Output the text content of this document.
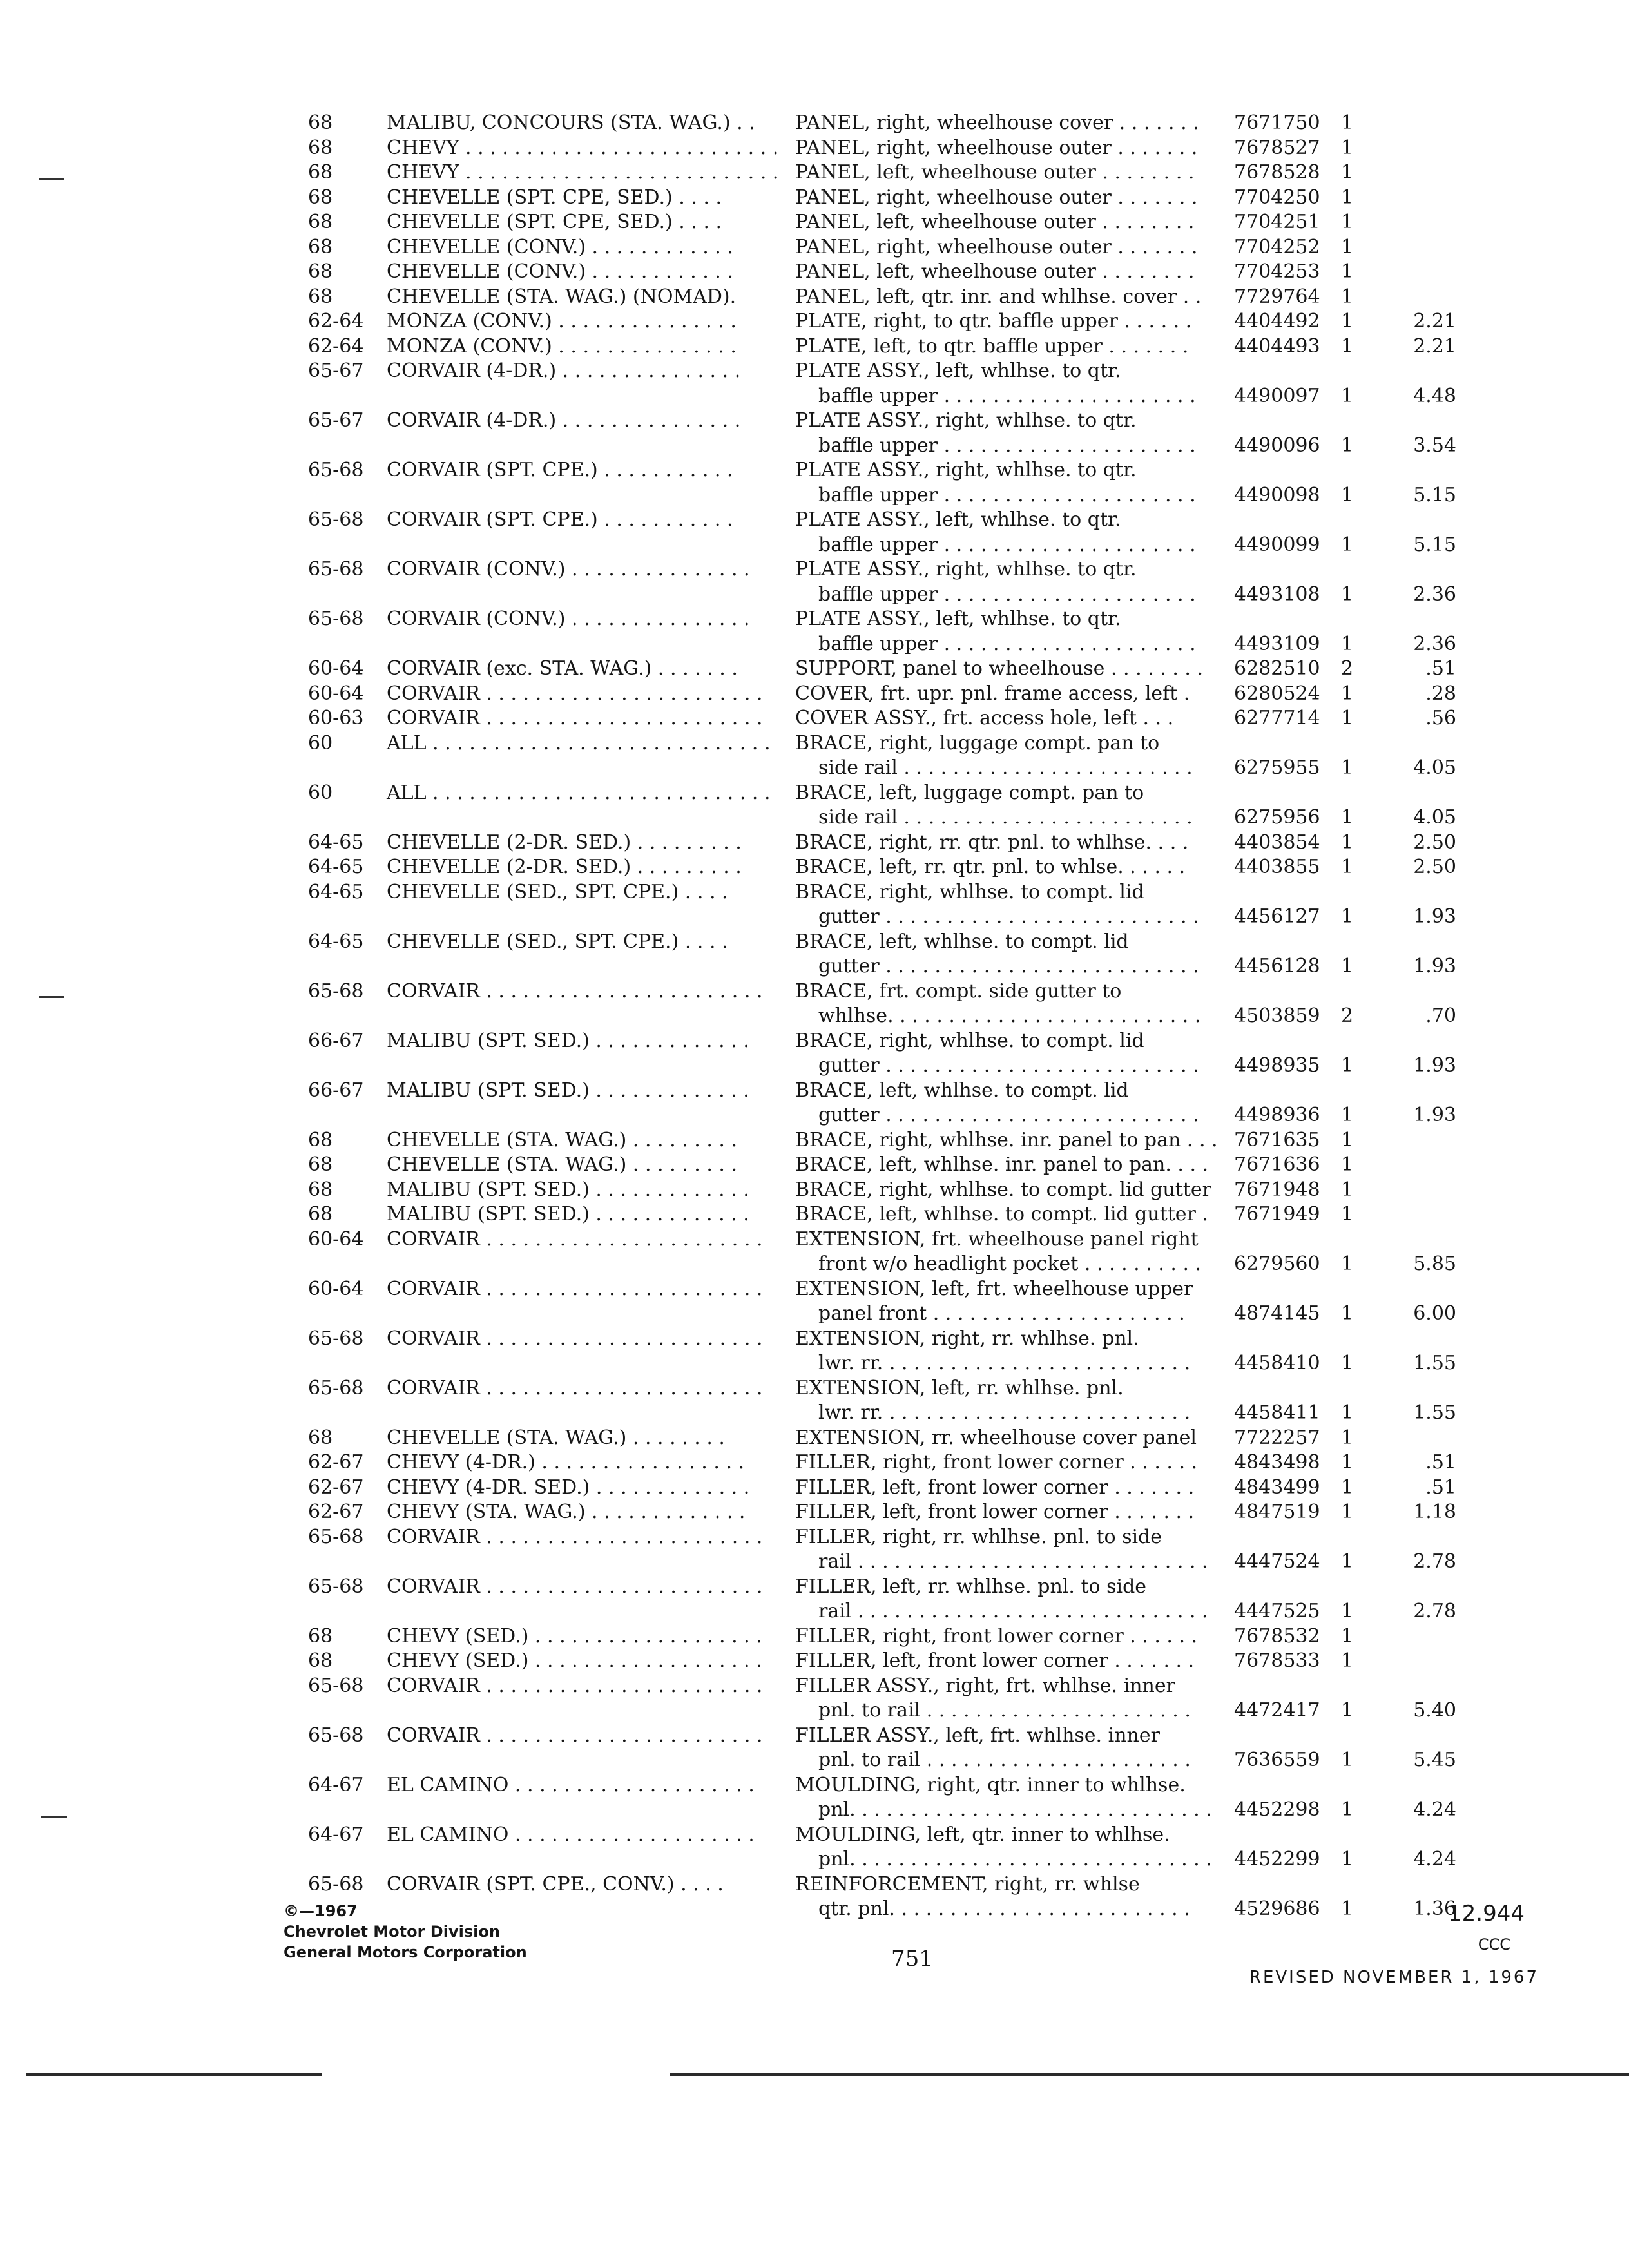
68	MALIBU, CONCOURS (STA. WAG.) . . PANEL, right, wheelhouse cover . . . . . . . 7671750 1
68	CHEVY . . . . . . . . . . . . . . . . . . . . . . . . . . PANEL, right, wheelhouse outer . . . . . . . 7678527 1
68	CHEVY . . . . . . . . . . . . . . . . . . . . . . . . . . PANEL, left, wheelhouse outer . . . . . . . . 7678528 1
68	CHEVELLE (SPT. CPE, SED.) . . . .	PANEL, right, wheelhouse outer . . . . . . . 7704250 1
68	CHEVELLE (SPT. CPE, SED.) . . . .	PANEL, left, wheelhouse outer . . . . . . . . 7704251 1
68	CHEVELLE (CONV.) . . . . . . . . . . . .	PANEL, right, wheelhouse outer . . . . . . . 7704252 1
68	CHEVELLE (CONV.) . . . . . . . . . . . .	PANEL, left, wheelhouse outer . . . . . . . . 7704253 1
68	CHEVELLE (STA. WAG.) (NOMAD).	PANEL, left, qtr. inr. and whlhse. cover . . 7729764 1
62-64 MONZA (CONV.) . . . . . . . . . . . . . . .	PLATE, right, to qtr. baffle upper . . . . . . 4404492 1	2.21
62-64 MONZA (CONV.) . . . . . . . . . . . . . . .	PLATE, left, to qtr. baffle upper . . . . . . . 4404493 1	2.21
65-67 CORVAIR (4-DR.) . . . . . . . . . . . . . . .	PLATE ASSY., left, whlhse. to qtr.
baffle upper . . . . . . . . . . . . . . . . . . . . . 4490097 1	4.48
65-67 CORVAIR (4-DR.) . . . . . . . . . . . . . . .	PLATE ASSY., right, whlhse. to qtr.
baffle upper . . . . . . . . . . . . . . . . . . . . . 4490096 1	3.54
65-68 CORVAIR (SPT. CPE.) . . . . . . . . . . .	PLATE ASSY., right, whlhse. to qtr.
baffle upper . . . . . . . . . . . . . . . . . . . . . 4490098 1	5.15
65-68 CORVAIR (SPT. CPE.) . . . . . . . . . . .	PLATE ASSY., left, whlhse. to qtr.
baffle upper . . . . . . . . . . . . . . . . . . . . . 4490099 1	5.15
65-68 CORVAIR (CONV.) . . . . . . . . . . . . . . . PLATE ASSY., right, whlhse. to qtr.
baffle upper . . . . . . . . . . . . . . . . . . . . . 4493108 1	2.36
65-68 CORVAIR (CONV.) . . . . . . . . . . . . . . . PLATE ASSY., left, whlhse. to qtr.
baffle upper . . . . . . . . . . . . . . . . . . . . . 4493109 1	2.36
60-64 CORVAIR (exc. STA. WAG.) . . . . . . .	SUPPORT, panel to wheelhouse . . . . . . . . 6282510 2	.51
60-64 CORVAIR . . . . . . . . . . . . . . . . . . . . . . . COVER, frt. upr. pnl. frame access, left . 6280524 1	.28
60-63 CORVAIR . . . . . . . . . . . . . . . . . . . . . . . COVER ASSY., frt. access hole, left . . .	6277714 1	.56
60	ALL . . . . . . . . . . . . . . . . . . . . . . . . . . . . BRACE, right, luggage compt. pan to
side rail . . . . . . . . . . . . . . . . . . . . . . . . 6275955 1	4.05
60	ALL . . . . . . . . . . . . . . . . . . . . . . . . . . . . BRACE, left, luggage compt. pan to
side rail . . . . . . . . . . . . . . . . . . . . . . . . 6275956 1	4.05
64-65 CHEVELLE (2-DR. SED.) . . . . . . . . .	BRACE, right, rr. qtr. pnl. to whlhse. . . . 4403854 1	2.50
64-65 CHEVELLE (2-DR. SED.) . . . . . . . . .	BRACE, left, rr. qtr. pnl. to whlse. . . . . .	4403855 1	2.50
64-65 CHEVELLE (SED., SPT. CPE.) . . . .	BRACE, right, whlhse. to compt. lid
gutter . . . . . . . . . . . . . . . . . . . . . . . . . . 4456127 1	1.93
64-65 CHEVELLE (SED., SPT. CPE.) . . . .	BRACE, left, whlhse. to compt. lid
gutter . . . . . . . . . . . . . . . . . . . . . . . . . . 4456128 1	1.93
65-68 CORVAIR . . . . . . . . . . . . . . . . . . . . . . . BRACE, frt. compt. side gutter to
whlhse. . . . . . . . . . . . . . . . . . . . . . . . . . 4503859 2	.70
66-67 MALIBU (SPT. SED.) . . . . . . . . . . . . . BRACE, right, whlhse. to compt. lid
gutter . . . . . . . . . . . . . . . . . . . . . . . . . . 4498935 1	1.93
66-67 MALIBU (SPT. SED.) . . . . . . . . . . . . . BRACE, left, whlhse. to compt. lid
gutter . . . . . . . . . . . . . . . . . . . . . . . . . . 4498936 1	1.93
68	CHEVELLE (STA. WAG.) . . . . . . . . .	BRACE, right, whlhse. inr. panel to pan . . . 7671635 1
68	CHEVELLE (STA. WAG.) . . . . . . . . .	BRACE, left, whlhse. inr. panel to pan. . . . 7671636 1
68	MALIBU (SPT. SED.) . . . . . . . . . . . . . BRACE, right, whlhse. to compt. lid gutter 7671948 1
68	MALIBU (SPT. SED.) . . . . . . . . . . . . . BRACE, left, whlhse. to compt. lid gutter . 7671949 1
60-64 CORVAIR . . . . . . . . . . . . . . . . . . . . . . . EXTENSION, frt. wheelhouse panel right
front w/o headlight pocket . . . . . . . . . . 6279560 1	5.85
60-64 CORVAIR . . . . . . . . . . . . . . . . . . . . . . . EXTENSION, left, frt. wheelhouse upper
panel front . . . . . . . . . . . . . . . . . . . . .	4874145 1	6.00
65-68 CORVAIR . . . . . . . . . . . . . . . . . . . . . . . EXTENSION, right, rr. whlhse. pnl.
lwr. rr. . . . . . . . . . . . . . . . . . . . . . . . . . 4458410 1	1.55
65-68 CORVAIR . . . . . . . . . . . . . . . . . . . . . . . EXTENSION, left, rr. whlhse. pnl.
lwr. rr. . . . . . . . . . . . . . . . . . . . . . . . . . 4458411 1	1.55
68	CHEVELLE (STA. WAG.) . . . . . . . .	EXTENSION, rr. wheelhouse cover panel 7722257 1
62-67 CHEVY (4-DR.) . . . . . . . . . . . . . . . . .	FILLER, right, front lower corner . . . . . . 4843498 1	.51
62-67 CHEVY (4-DR. SED.) . . . . . . . . . . . . . FILLER, left, front lower corner . . . . . . . 4843499 1	.51
62-67 CHEVY (STA. WAG.) . . . . . . . . . . . . .	FILLER, left, front lower corner . . . . . . . 4847519 1	1.18
65-68 CORVAIR . . . . . . . . . . . . . . . . . . . . . . . FILLER, right, rr. whlhse. pnl. to side
rail . . . . . . . . . . . . . . . . . . . . . . . . . . . . . 4447524 1	2.78
65-68 CORVAIR . . . . . . . . . . . . . . . . . . . . . . . FILLER, left, rr. whlhse. pnl. to side
rail . . . . . . . . . . . . . . . . . . . . . . . . . . . . . 4447525 1	2.78
68	CHEVY (SED.) . . . . . . . . . . . . . . . . . . . FILLER, right, front lower corner . . . . . . 7678532 1
68	CHEVY (SED.) . . . . . . . . . . . . . . . . . . . FILLER, left, front lower corner . . . . . . . 7678533 1
65-68 CORVAIR . . . . . . . . . . . . . . . . . . . . . . . FILLER ASSY., right, frt. whlhse. inner
pnl. to rail . . . . . . . . . . . . . . . . . . . . . . 4472417 1	5.40
65-68 CORVAIR . . . . . . . . . . . . . . . . . . . . . . . FILLER ASSY., left, frt. whlhse. inner
pnl. to rail . . . . . . . . . . . . . . . . . . . . . . 7636559 1	5.45
64-67 EL CAMINO . . . . . . . . . . . . . . . . . . . . MOULDING, right, qtr. inner to whlhse.
pnl. . . . . . . . . . . . . . . . . . . . . . . . . . . . . . 4452298 1	4.24
64-67 EL CAMINO . . . . . . . . . . . . . . . . . . . . MOULDING, left, qtr. inner to whlhse.
pnl. . . . . . . . . . . . . . . . . . . . . . . . . . . . . . 4452299 1	4.24
65-68 CORVAIR (SPT. CPE., CONV.) . . . .	REINFORCEMENT, right, rr. whlse
qtr. pnl. . . . . . . . . . . . . . . . . . . . . . . . . 4529686 1	1.36
©—1967
Chevrolet Motor Division
General Motors Corporation	751
12.944
CCC
REVISED NOVEMBER 1, 1967
